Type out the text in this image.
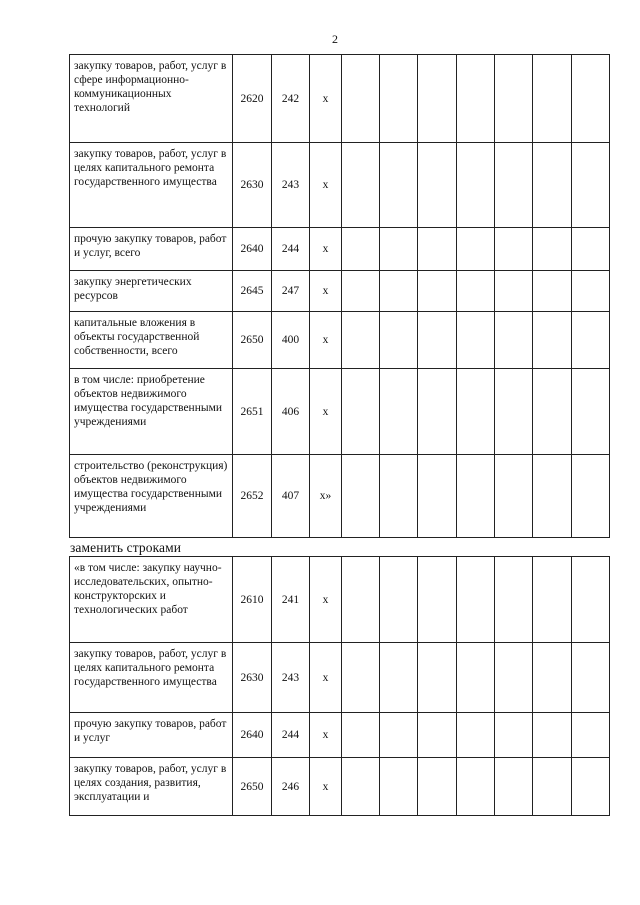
2
закупку товаров, работ, услуг в сфере информационно-коммуникационных технологий	2620	242	x							
закупку товаров, работ, услуг в целях капитального ремонта государственного имущества	2630	243	x							
прочую закупку товаров, работ и услуг, всего	2640	244	x							
закупку энергетических ресурсов	2645	247	x							
капитальные вложения в объекты государственной собственности, всего	2650	400	x							
в том числе: приобретение объектов недвижимого имущества государственными учреждениями	2651	406	x							
строительство (реконструкция) объектов недвижимого имущества государственными учреждениями	2652	407	x»							
заменить строками
«в том числе: закупку научно-исследовательских, опытно-конструкторских и технологических работ	2610	241	x							
закупку товаров, работ, услуг в целях капитального ремонта государственного имущества	2630	243	x							
прочую закупку товаров, работ и услуг	2640	244	x							
закупку товаров, работ, услуг в целях создания, развития, эксплуатации и	2650	246	x							
